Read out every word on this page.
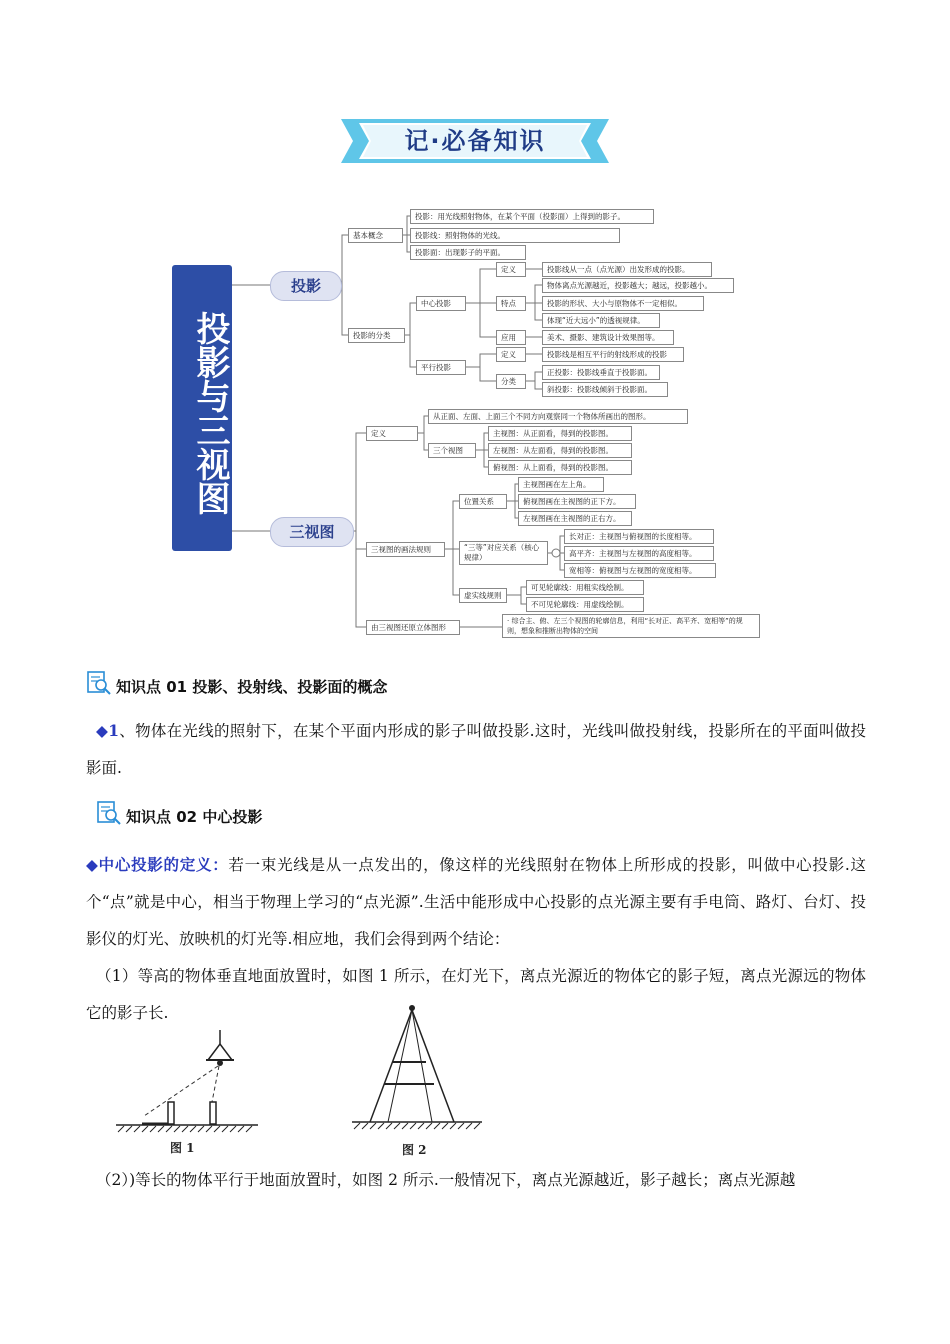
记·必备知识
投影与三视图
投影
三视图
基本概念
投影：用光线照射物体，在某个平面（投影面）上得到的影子。
投影线：照射物体的光线。
投影面：出现影子的平面。
投影的分类
中心投影
定义	投影线从一点（点光源）出发形成的投影。
特点
物体离点光源越近，投影越大；越远，投影越小。
投影的形状、大小与原物体不一定相似。
体现“近大远小”的透视规律。
应用	美术、摄影、建筑设计效果图等。
平行投影
定义	投影线是相互平行的射线形成的投影
分类
正投影：投影线垂直于投影面。
斜投影：投影线倾斜于投影面。
定义
从正面、左面、上面三个不同方向观察同一个物体所画出的图形。
三个视图
主视图：从正面看，得到的投影图。
左视图：从左面看，得到的投影图。
俯视图：从上面看，得到的投影图。
三视图的画法规则
位置关系
主视图画在左上角。
俯视图画在主视图的正下方。
左视图画在主视图的正右方。
“三等”对应关系（核心规律）
长对正：主视图与俯视图的长度相等。
高平齐：主视图与左视图的高度相等。
宽相等：俯视图与左视图的宽度相等。
虚实线规则
可见轮廓线：用粗实线绘制。
不可见轮廓线：用虚线绘制。
由三视图还原立体图形
· 综合主、俯、左三个视图的轮廓信息，利用“长对正、高平齐、宽相等”的规则，想象和推断出物体的空间
知识点 01 投影、投射线、投影面的概念
◆1、物体在光线的照射下，在某个平面内形成的影子叫做投影.这时，光线叫做投射线，投影所在的平面叫做投影面.
知识点 02 中心投影
◆中心投影的定义：若一束光线是从一点发出的，像这样的光线照射在物体上所形成的投影，叫做中心投影.这个“点”就是中心，相当于物理上学习的“点光源”.生活中能形成中心投影的点光源主要有手电筒、路灯、台灯、投影仪的灯光、放映机的灯光等.相应地，我们会得到两个结论：
（1）等高的物体垂直地面放置时，如图 1 所示，在灯光下，离点光源近的物体它的影子短，离点光源远的物体它的影子长.
图 1	图 2
（2）)等长的物体平行于地面放置时，如图 2 所示.一般情况下，离点光源越近，影子越长；离点光源越
